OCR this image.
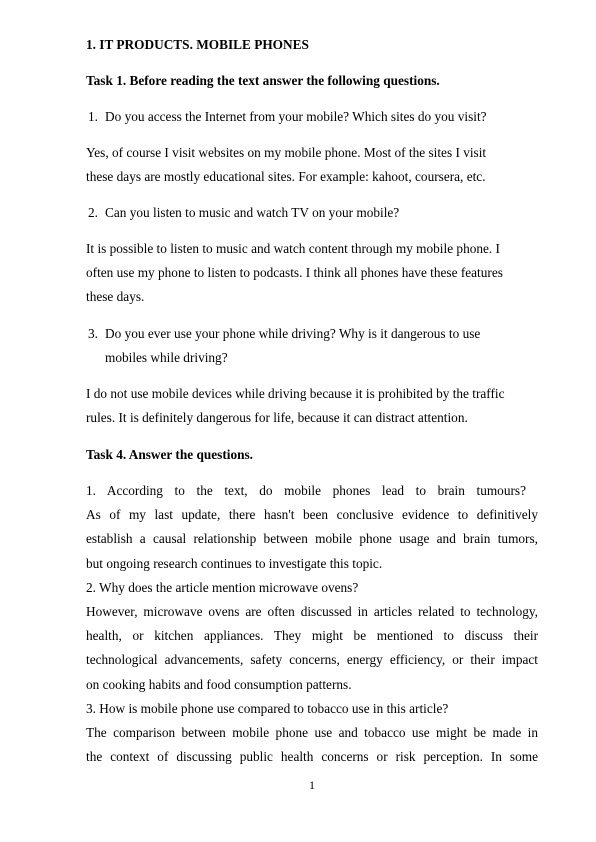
1. IT PRODUCTS. MOBILE PHONES
Task 1. Before reading the text answer the following questions.
1. Do you access the Internet from your mobile? Which sites do you visit?
Yes, of course I visit websites on my mobile phone. Most of the sites I visit
these days are mostly educational sites. For example: kahoot, coursera, etc.
2. Can you listen to music and watch TV on your mobile?
It is possible to listen to music and watch content through my mobile phone. I
often use my phone to listen to podcasts. I think all phones have these features
these days.
3. Do you ever use your phone while driving? Why is it dangerous to use
mobiles while driving?
I do not use mobile devices while driving because it is prohibited by the traffic
rules. It is definitely dangerous for life, because it can distract attention.
Task 4. Answer the questions.
1. According to the text, do mobile phones lead to brain tumours?
As of my last update, there hasn't been conclusive evidence to definitively
establish a causal relationship between mobile phone usage and brain tumors,
but ongoing research continues to investigate this topic.
2. Why does the article mention microwave ovens?
However, microwave ovens are often discussed in articles related to technology,
health, or kitchen appliances. They might be mentioned to discuss their
technological advancements, safety concerns, energy efficiency, or their impact
on cooking habits and food consumption patterns.
3. How is mobile phone use compared to tobacco use in this article?
The comparison between mobile phone use and tobacco use might be made in
the context of discussing public health concerns or risk perception. In some
1
